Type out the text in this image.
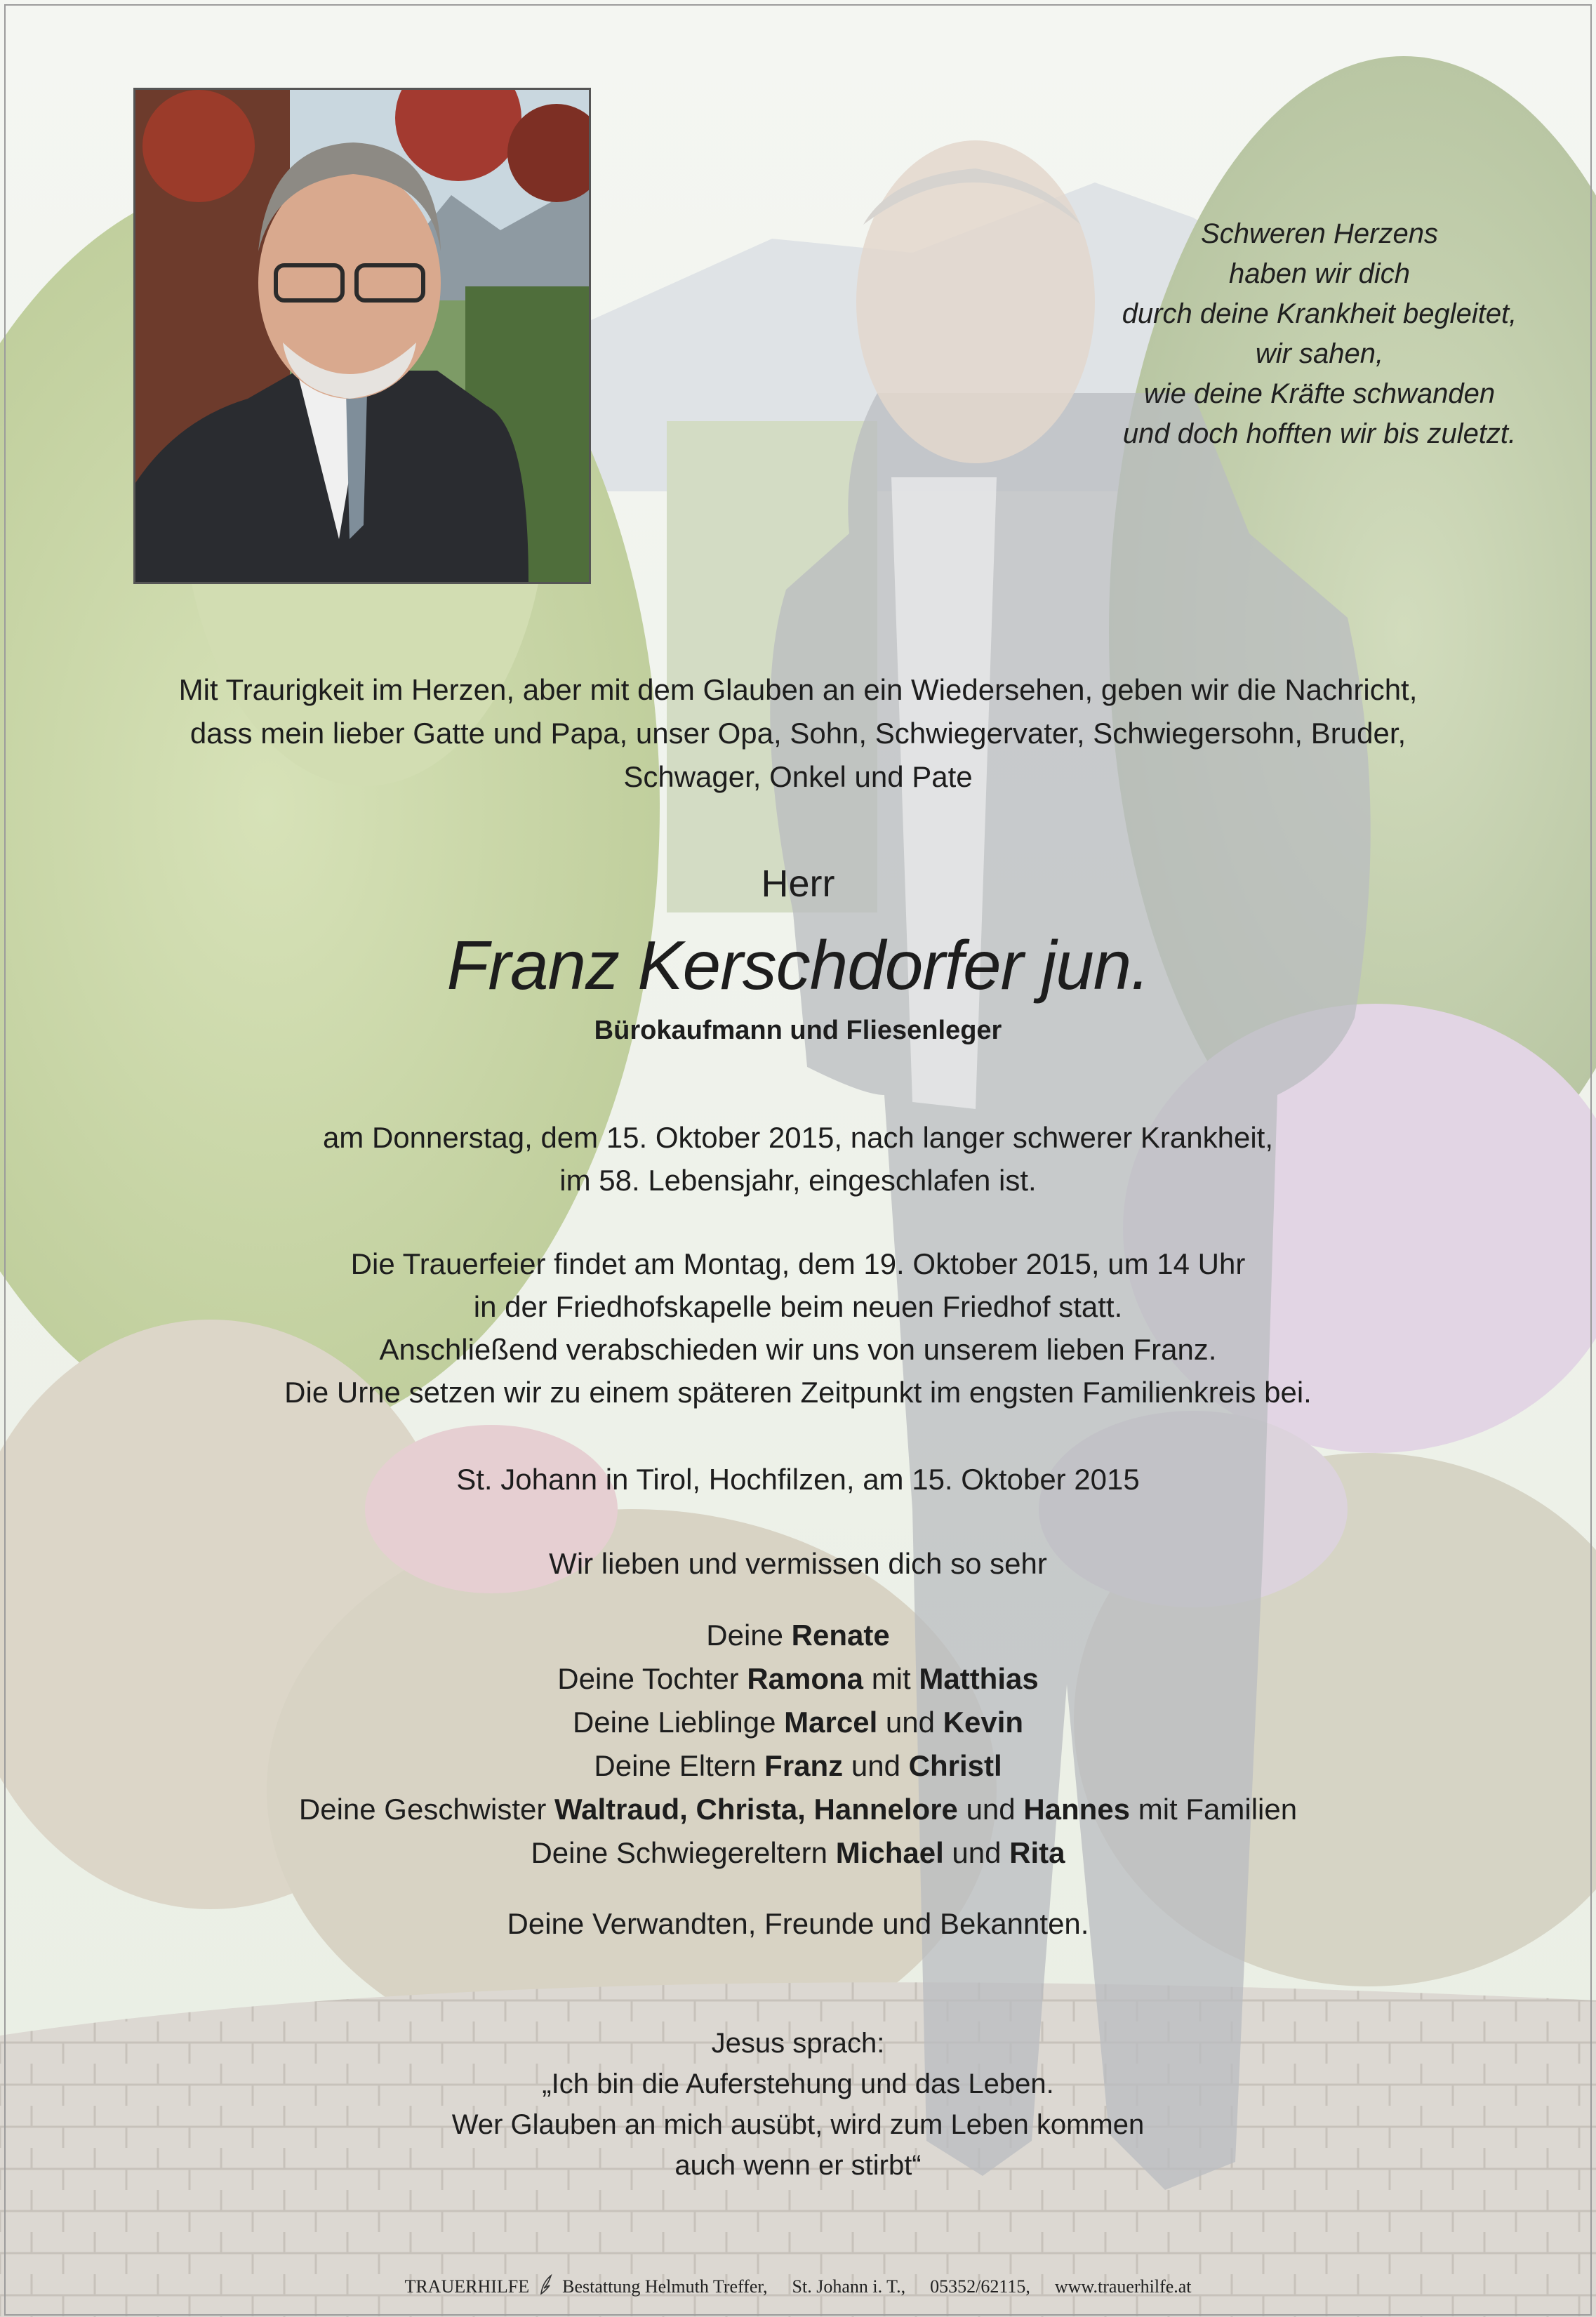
Schweren Herzens
haben wir dich
durch deine Krankheit begleitet,
wir sahen,
wie deine Kräfte schwanden
und doch hofften wir bis zuletzt.
Mit Traurigkeit im Herzen, aber mit dem Glauben an ein Wiedersehen, geben wir die Nachricht,
dass mein lieber Gatte und Papa, unser Opa, Sohn, Schwiegervater, Schwiegersohn, Bruder,
Schwager, Onkel und Pate
Herr
Franz Kerschdorfer jun.
Bürokaufmann und Fliesenleger
am Donnerstag, dem 15. Oktober 2015, nach langer schwerer Krankheit,
im 58. Lebensjahr, eingeschlafen ist.
Die Trauerfeier findet am Montag, dem 19. Oktober 2015, um 14 Uhr
in der Friedhofskapelle beim neuen Friedhof statt.
Anschließend verabschieden wir uns von unserem lieben Franz.
Die Urne setzen wir zu einem späteren Zeitpunkt im engsten Familienkreis bei.
St. Johann in Tirol, Hochfilzen, am 15. Oktober 2015
Wir lieben und vermissen dich so sehr
Deine Renate
Deine Tochter Ramona mit Matthias
Deine Lieblinge Marcel und Kevin
Deine Eltern Franz und Christl
Deine Geschwister Waltraud, Christa, Hannelore und Hannes mit Familien
Deine Schwiegereltern Michael und Rita
Deine Verwandten, Freunde und Bekannten.
Jesus sprach:
„Ich bin die Auferstehung und das Leben.
Wer Glauben an mich ausübt, wird zum Leben kommen
auch wenn er stirbt“
TRAUERHILFE Bestattung Helmuth Treffer, St. Johann i. T., 05352/62115, www.trauerhilfe.at
